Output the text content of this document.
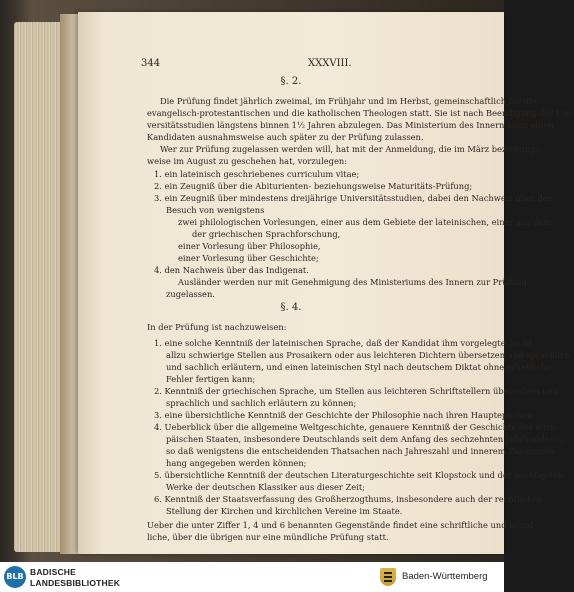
344	XXXVIII.
§. 2.
Die Prüfung findet jährlich zweimal, im Frühjahr und im Herbst, gemeinschaftlich für die
evangelisch-protestantischen und die katholischen Theologen statt. Sie ist nach Beendigung der Uni-
versitätsstudien längstens binnen 1½ Jahren abzulegen. Das Ministerium des Innern kann einen
Kandidaten ausnahmsweise auch später zu der Prüfung zulassen.
Wer zur Prüfung zugelassen werden will, hat mit der Anmeldung, die im März beziehungs-
weise im August zu geschehen hat, vorzulegen:
1. ein lateinisch geschriebenes curriculum vitae;
2. ein Zeugniß über die Abiturienten- beziehungsweise Maturitäts-Prüfung;
3. ein Zeugniß über mindestens dreijährige Universitätsstudien, dabei den Nachweis über den
Besuch von wenigstens
zwei philologischen Vorlesungen, einer aus dem Gebiete der lateinischen, einer aus dem
der griechischen Sprachforschung,
einer Vorlesung über Philosophie,
einer Vorlesung über Geschichte;
4. den Nachweis über das Indigenat.
Ausländer werden nur mit Genehmigung des Ministeriums des Innern zur Prüfung
zugelassen.
§. 4.
In der Prüfung ist nachzuweisen:
1. eine solche Kenntniß der lateinischen Sprache, daß der Kandidat ihm vorgelegte, nicht
allzu schwierige Stellen aus Prosaikern oder aus leichteren Dichtern übersetzen und sprachlich
und sachlich erläutern, und einen lateinischen Styl nach deutschem Diktat ohne erhebliche
Fehler fertigen kann;
2. Kenntniß der griechischen Sprache, um Stellen aus leichteren Schriftstellern übersetzen und
sprachlich und sachlich erläutern zu können;
3. eine übersichtliche Kenntniß der Geschichte der Philosophie nach ihren Hauptepochen;
4. Ueberblick über die allgemeine Weltgeschichte, genauere Kenntniß der Geschichte der euro-
päischen Staaten, insbesondere Deutschlands seit dem Anfang des sechzehnten Jahrhunderts,
so daß wenigstens die entscheidenden Thatsachen nach Jahreszahl und innerem Zusammen-
hang angegeben werden können;
5. übersichtliche Kenntniß der deutschen Literaturgeschichte seit Klopstock und der wichtigsten
Werke der deutschen Klassiker aus dieser Zeit;
6. Kenntniß der Staatsverfassung des Großherzogthums, insbesondere auch der rechtlichen
Stellung der Kirchen und kirchlichen Vereine im Staate.
Ueber die unter Ziffer 1, 4 und 6 benannten Gegenstände findet eine schriftliche und münd-
liche, über die übrigen nur eine mündliche Prüfung statt.
BLB BADISCHE
LANDESBIBLIOTHEK
Baden-Württemberg
